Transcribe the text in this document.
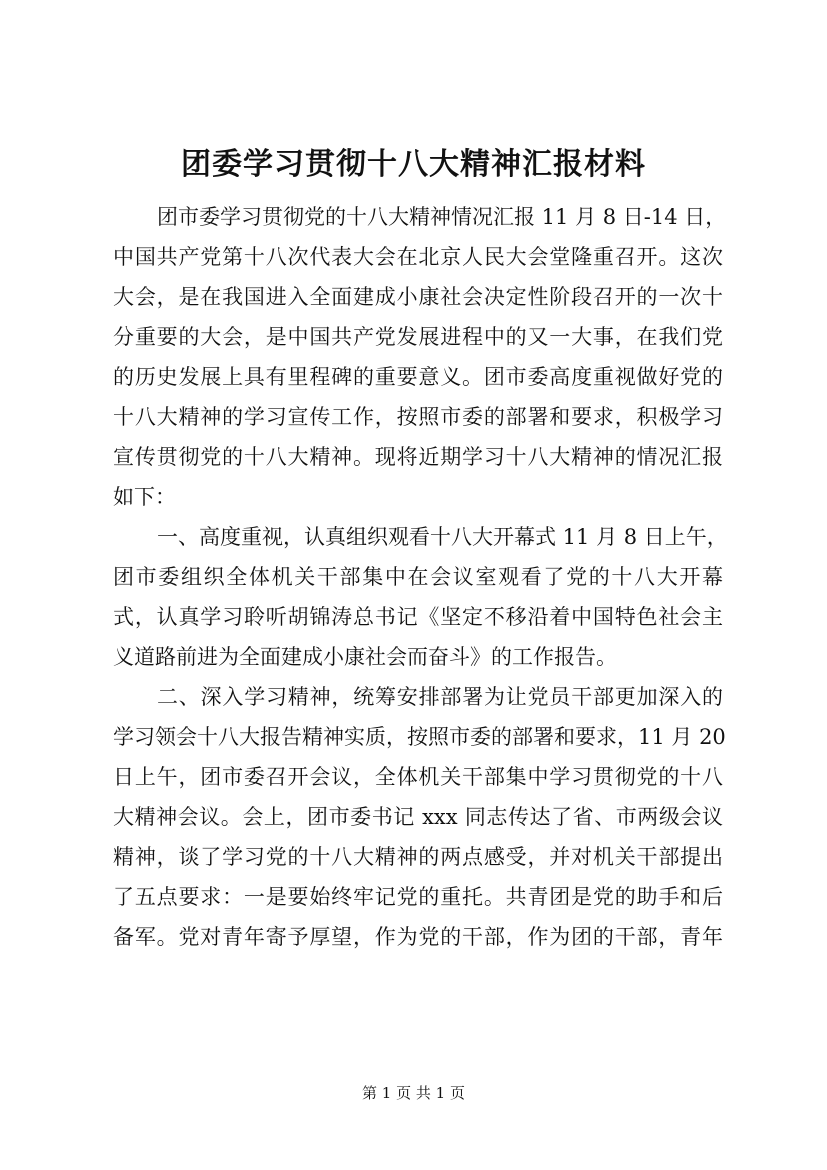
团委学习贯彻十八大精神汇报材料
团市委学习贯彻党的十八大精神情况汇报 11 月 8 日-14 日，
中国共产党第十八次代表大会在北京人民大会堂隆重召开。这次
大会，是在我国进入全面建成小康社会决定性阶段召开的一次十
分重要的大会，是中国共产党发展进程中的又一大事，在我们党
的历史发展上具有里程碑的重要意义。团市委高度重视做好党的
十八大精神的学习宣传工作，按照市委的部署和要求，积极学习
宣传贯彻党的十八大精神。现将近期学习十八大精神的情况汇报
如下：
一、高度重视，认真组织观看十八大开幕式 11 月 8 日上午，
团市委组织全体机关干部集中在会议室观看了党的十八大开幕
式，认真学习聆听胡锦涛总书记《坚定不移沿着中国特色社会主
义道路前进为全面建成小康社会而奋斗》的工作报告。
二、深入学习精神，统筹安排部署为让党员干部更加深入的
学习领会十八大报告精神实质，按照市委的部署和要求，11 月 20
日上午，团市委召开会议，全体机关干部集中学习贯彻党的十八
大精神会议。会上，团市委书记 xxx 同志传达了省、市两级会议
精神，谈了学习党的十八大精神的两点感受，并对机关干部提出
了五点要求：一是要始终牢记党的重托。共青团是党的助手和后
备军。党对青年寄予厚望，作为党的干部，作为团的干部，青年
第 1 页 共 1 页
